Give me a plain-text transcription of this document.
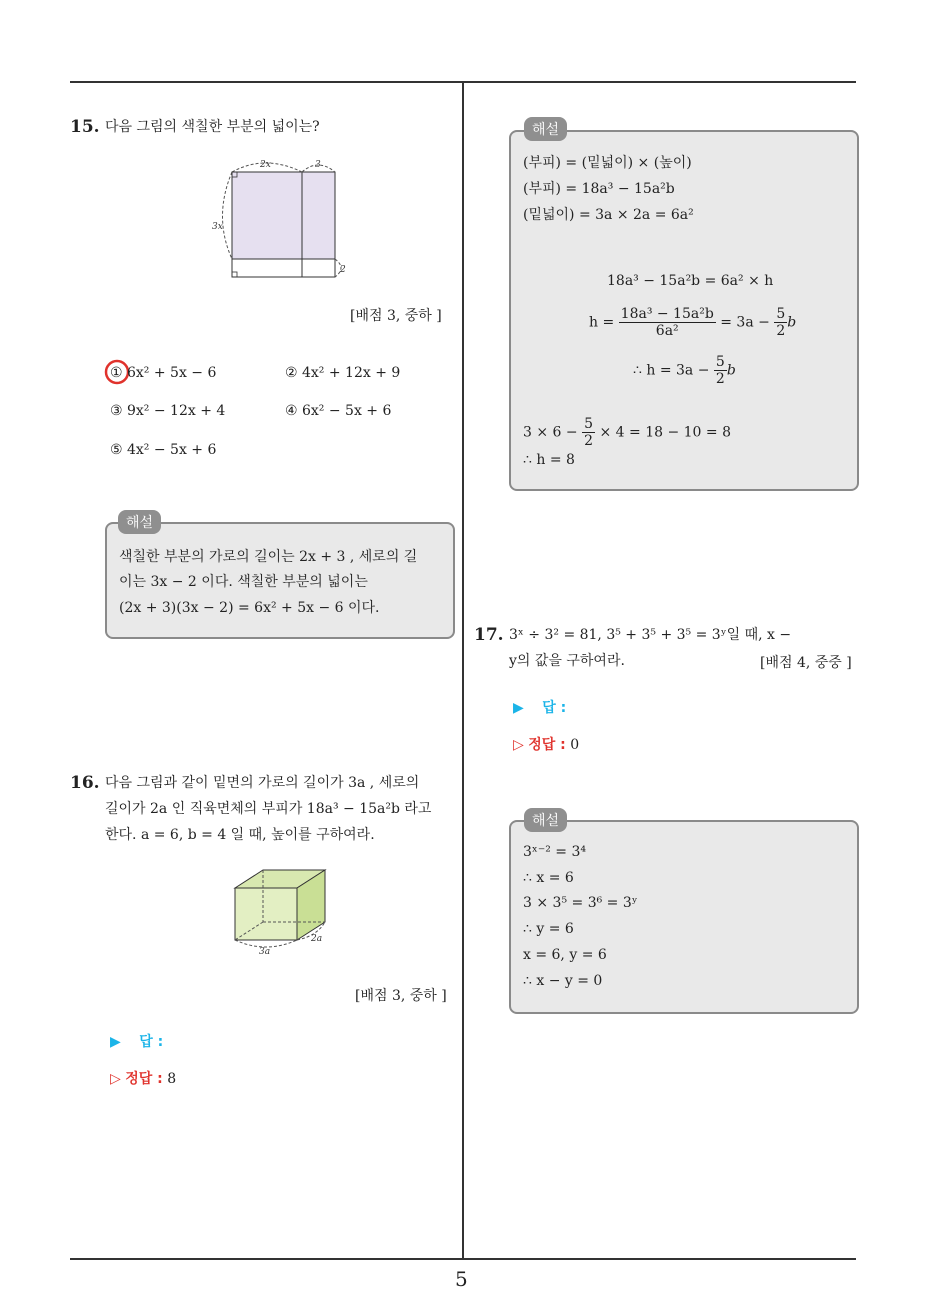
5
15. 다음 그림의 색칠한 부분의 넓이는?
2x	3
3x
2
[배점 3, 중하 ]
① 6x² + 5x − 6	② 4x² + 12x + 9
③ 9x² − 12x + 4	④ 6x² − 5x + 6
⑤ 4x² − 5x + 6
색칠한 부분의 가로의 길이는 2x + 3 , 세로의 길
이는 3x − 2 이다. 색칠한 부분의 넓이는
(2x + 3)(3x − 2) = 6x² + 5x − 6 이다.
해설
16. 다음 그림과 같이 밑면의 가로의 길이가 3a , 세로의
길이가 2a 인 직육면체의 부피가 18a³ − 15a²b 라고
한다. a = 6, b = 4 일 때, 높이를 구하여라.
3a
2a
[배점 3, 중하 ]
▶ 답 :
▷ 정답 : 8
(부피) = (밑넓이) × (높이)
(부피) = 18a³ − 15a²b
(밑넓이) = 3a × 2a = 6a²
18a³ − 15a²b = 6a² × h
$h = \frac{\text{18a³ − 15a²b}}{\text{6a²}} = 3a - \frac{5}{2}$ b
∴ $h = 3a - \frac{5}{2}$ b
$3 \times 6 - \frac{5}{2} \times 4 = 18 - 10 = 8$
∴ h = 8
해설
17. 3ˣ ÷ 3² = 81, 3⁵ + 3⁵ + 3⁵ = 3ʸ일 때, x −
y의 값을 구하여라.	[배점 4, 중중 ]
▶ 답 :
▷ 정답 : 0
3ˣ⁻² = 3⁴
∴ x = 6
3 × 3⁵ = 3⁶ = 3ʸ
∴ y = 6
x = 6, y = 6
∴ x − y = 0
해설
